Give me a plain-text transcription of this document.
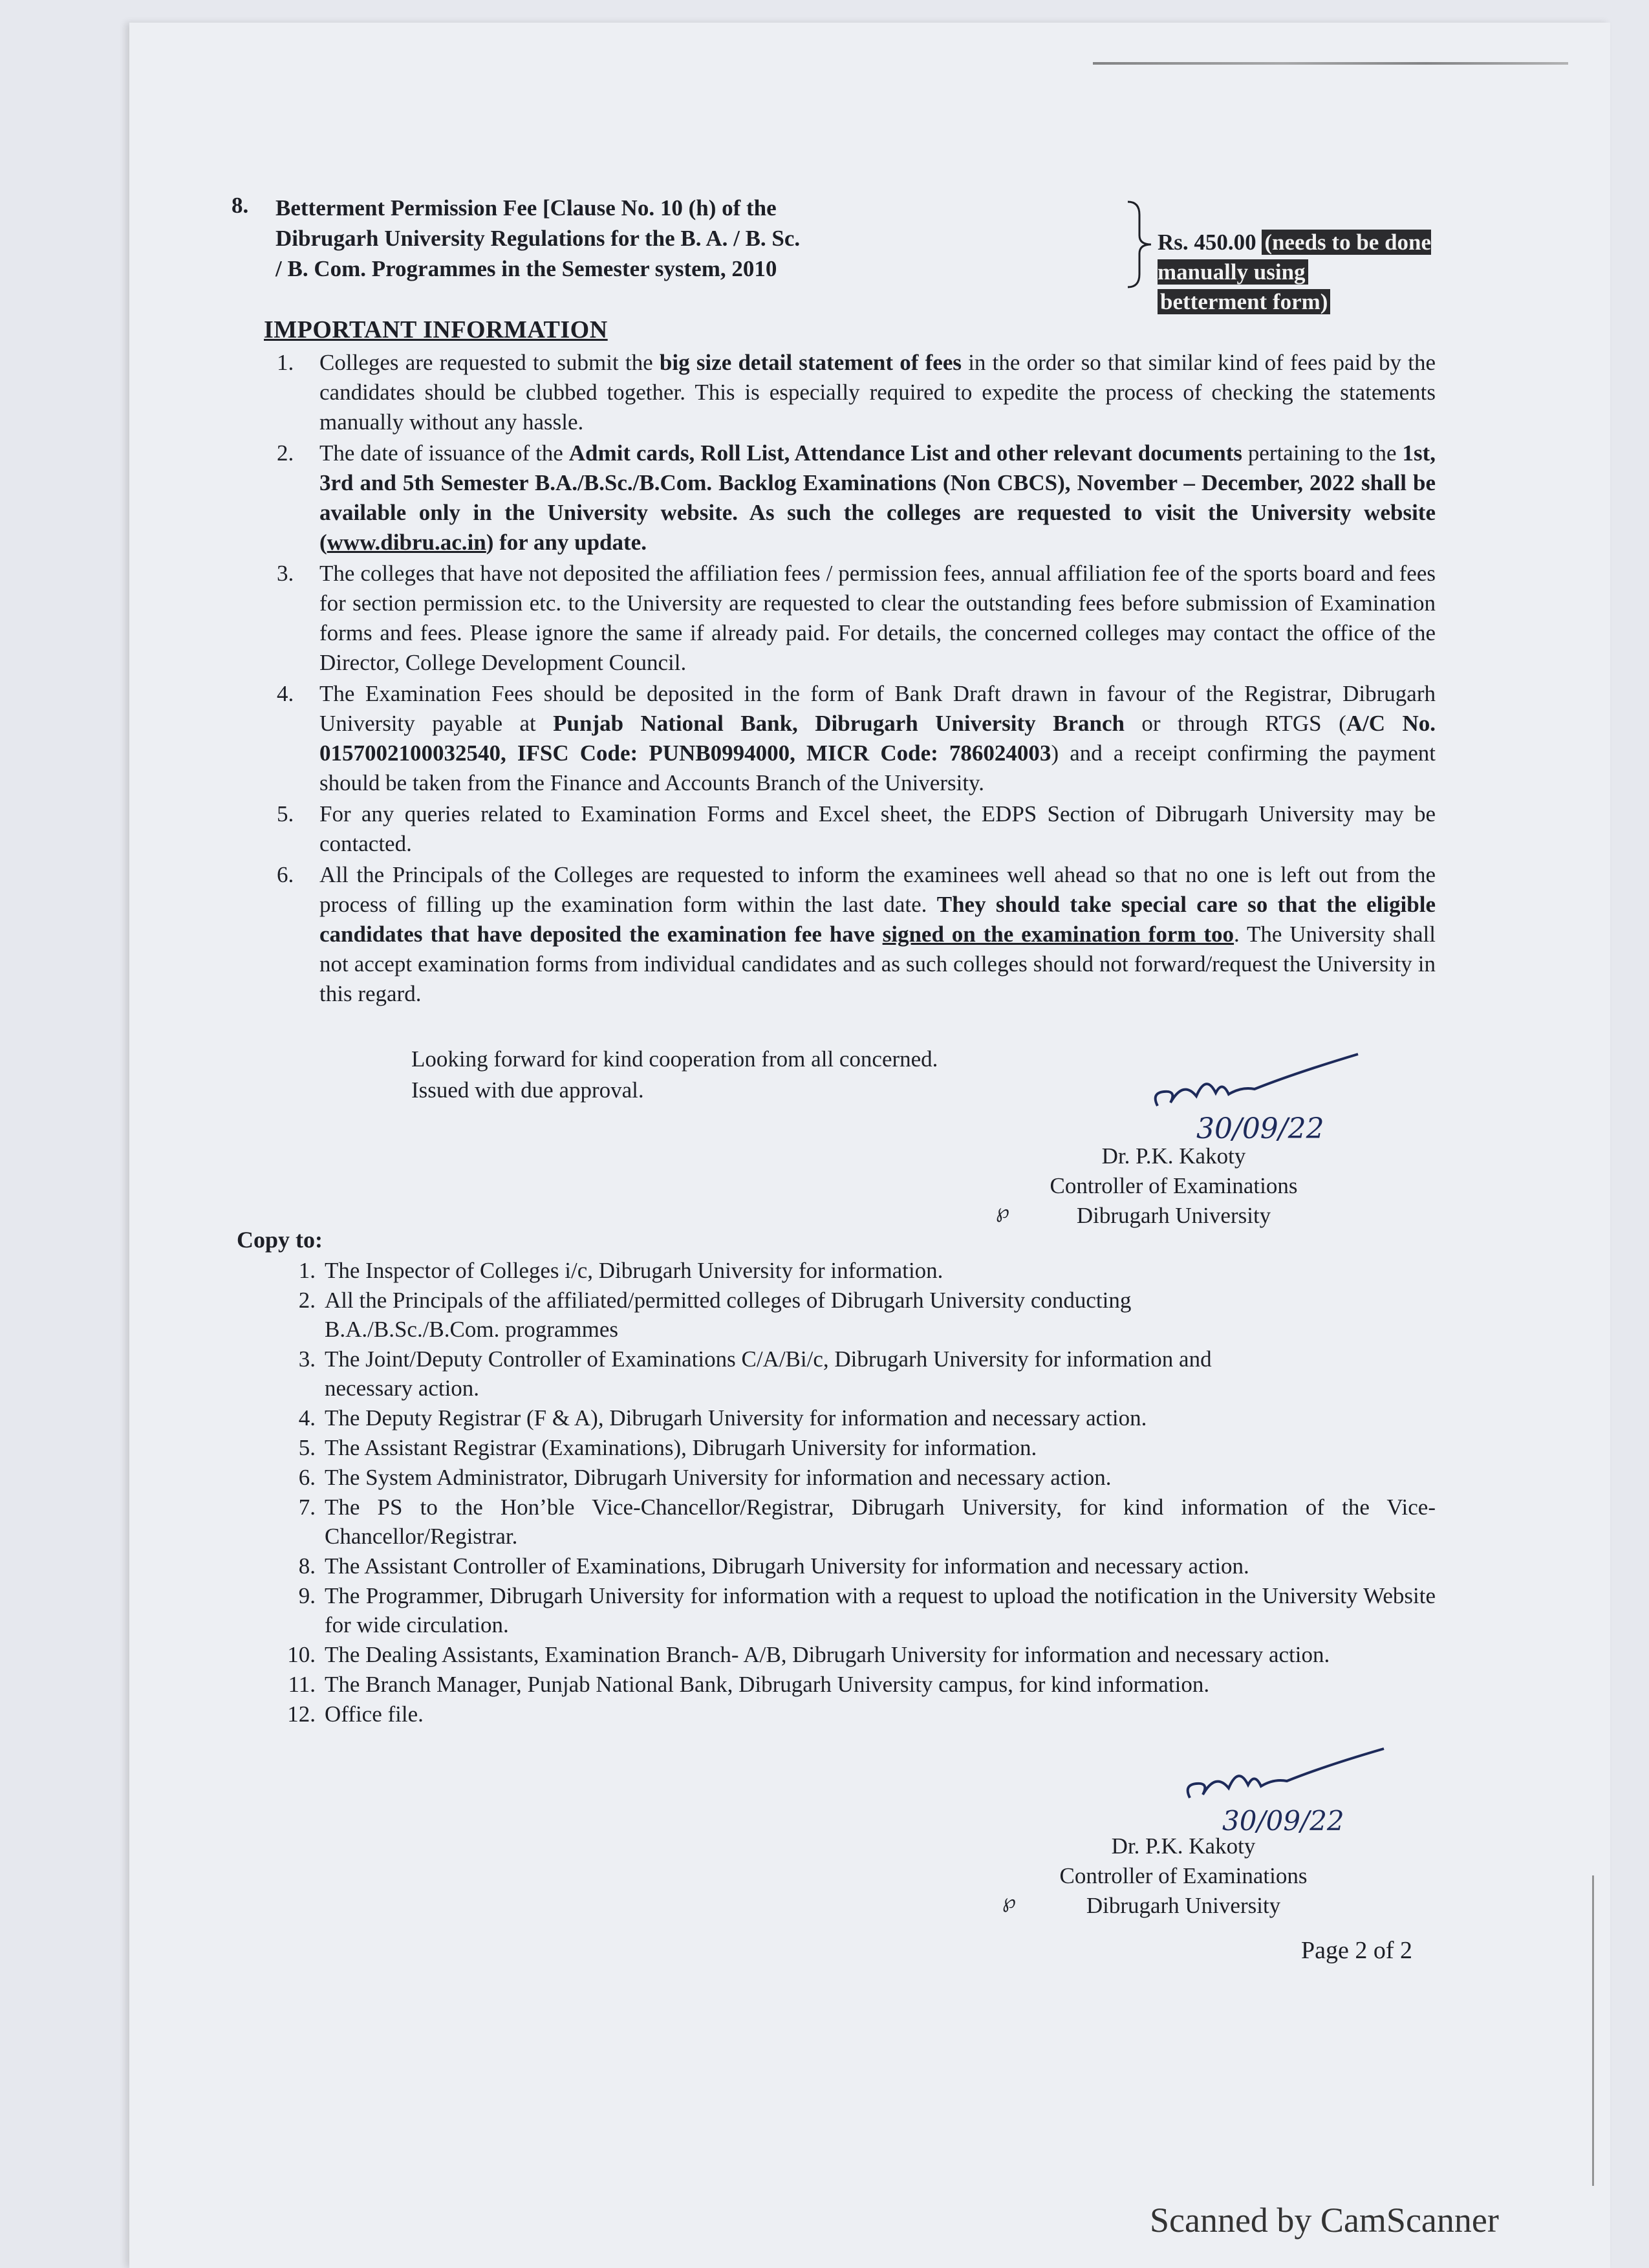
8. Betterment Permission Fee [Clause No. 10 (h) of the
Dibrugarh University Regulations for the B. A. / B. Sc.
/ B. Com. Programmes in the Semester system, 2010
Rs. 450.00 (needs to be done manually using
betterment form)
IMPORTANT INFORMATION
1. Colleges are requested to submit the big size detail statement of fees in the order so that similar kind of fees paid by the candidates should be clubbed together. This is especially required to expedite the process of checking the statements manually without any hassle.
2. The date of issuance of the Admit cards, Roll List, Attendance List and other relevant documents pertaining to the 1st, 3rd and 5th Semester B.A./B.Sc./B.Com. Backlog Examinations (Non CBCS), November – December, 2022 shall be available only in the University website. As such the colleges are requested to visit the University website (www.dibru.ac.in) for any update.
3. The colleges that have not deposited the affiliation fees / permission fees, annual affiliation fee of the sports board and fees for section permission etc. to the University are requested to clear the outstanding fees before submission of Examination forms and fees. Please ignore the same if already paid. For details, the concerned colleges may contact the office of the Director, College Development Council.
4. The Examination Fees should be deposited in the form of Bank Draft drawn in favour of the Registrar, Dibrugarh University payable at Punjab National Bank, Dibrugarh University Branch or through RTGS (A/C No. 0157002100032540, IFSC Code: PUNB0994000, MICR Code: 786024003) and a receipt confirming the payment should be taken from the Finance and Accounts Branch of the University.
5. For any queries related to Examination Forms and Excel sheet, the EDPS Section of Dibrugarh University may be contacted.
6. All the Principals of the Colleges are requested to inform the examinees well ahead so that no one is left out from the process of filling up the examination form within the last date. They should take special care so that the eligible candidates that have deposited the examination fee have signed on the examination form too. The University shall not accept examination forms from individual candidates and as such colleges should not forward/request the University in this regard.
Looking forward for kind cooperation from all concerned.
Issued with due approval.
30/09/22
Dr. P.K. Kakoty
Controller of Examinations
℘	Dibrugarh University
Copy to:
1. The Inspector of Colleges i/c, Dibrugarh University for information.
2. All the Principals of the affiliated/permitted colleges of Dibrugarh University conducting B.A./B.Sc./B.Com. programmes
3. The Joint/Deputy Controller of Examinations C/A/Bi/c, Dibrugarh University for information and necessary action.
4. The Deputy Registrar (F & A), Dibrugarh University for information and necessary action.
5. The Assistant Registrar (Examinations), Dibrugarh University for information.
6. The System Administrator, Dibrugarh University for information and necessary action.
7. The PS to the Hon’ble Vice-Chancellor/Registrar, Dibrugarh University, for kind information of the Vice-Chancellor/Registrar.
8. The Assistant Controller of Examinations, Dibrugarh University for information and necessary action.
9. The Programmer, Dibrugarh University for information with a request to upload the notification in the University Website for wide circulation.
10. The Dealing Assistants, Examination Branch- A/B, Dibrugarh University for information and necessary action.
11. The Branch Manager, Punjab National Bank, Dibrugarh University campus, for kind information.
12. Office file.
30/09/22
Dr. P.K. Kakoty
Controller of Examinations
℘	Dibrugarh University
Page 2 of 2
Scanned by CamScanner
